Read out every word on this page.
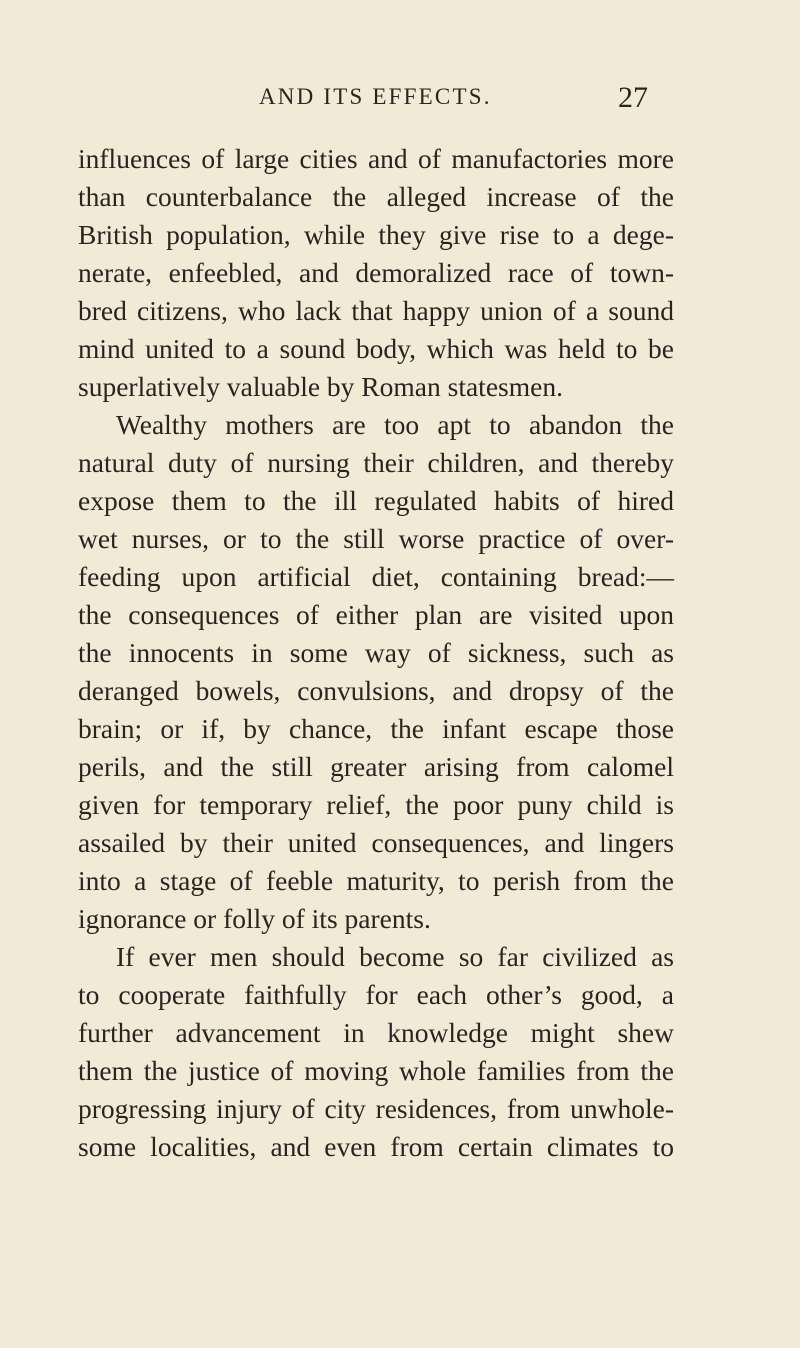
AND ITS EFFECTS.	27
influences of large cities and of manufactories more
than counterbalance the alleged increase of the
British population, while they give rise to a dege-
nerate, enfeebled, and demoralized race of town-
bred citizens, who lack that happy union of a sound
mind united to a sound body, which was held to be
superlatively valuable by Roman statesmen.
Wealthy mothers are too apt to abandon the
natural duty of nursing their children, and thereby
expose them to the ill regulated habits of hired
wet nurses, or to the still worse practice of over-
feeding upon artificial diet, containing bread:—
the consequences of either plan are visited upon
the innocents in some way of sickness, such as
deranged bowels, convulsions, and dropsy of the
brain; or if, by chance, the infant escape those
perils, and the still greater arising from calomel
given for temporary relief, the poor puny child is
assailed by their united consequences, and lingers
into a stage of feeble maturity, to perish from the
ignorance or folly of its parents.
If ever men should become so far civilized as
to cooperate faithfully for each other’s good, a
further advancement in knowledge might shew
them the justice of moving whole families from the
progressing injury of city residences, from unwhole-
some localities, and even from certain climates to
